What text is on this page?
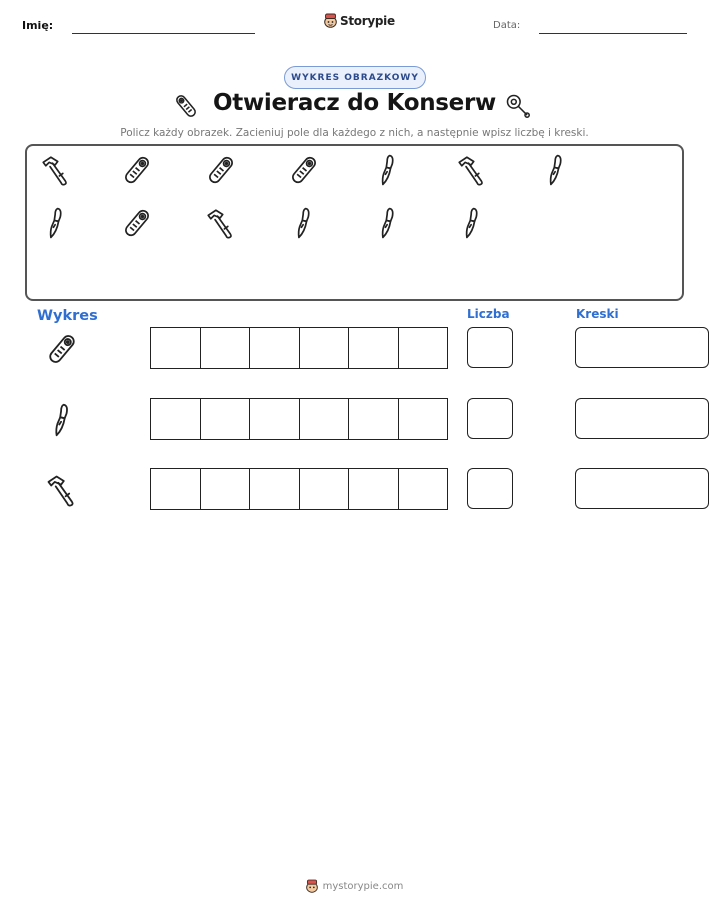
Imię:	Storypie	Data:
WYKRES OBRAZKOWY
Otwieracz do Konserw
Policz każdy obrazek. Zacieniuj pole dla każdego z nich, a następnie wpisz liczbę i kreski.
Wykres	Liczba	Kreski
mystorypie.com
